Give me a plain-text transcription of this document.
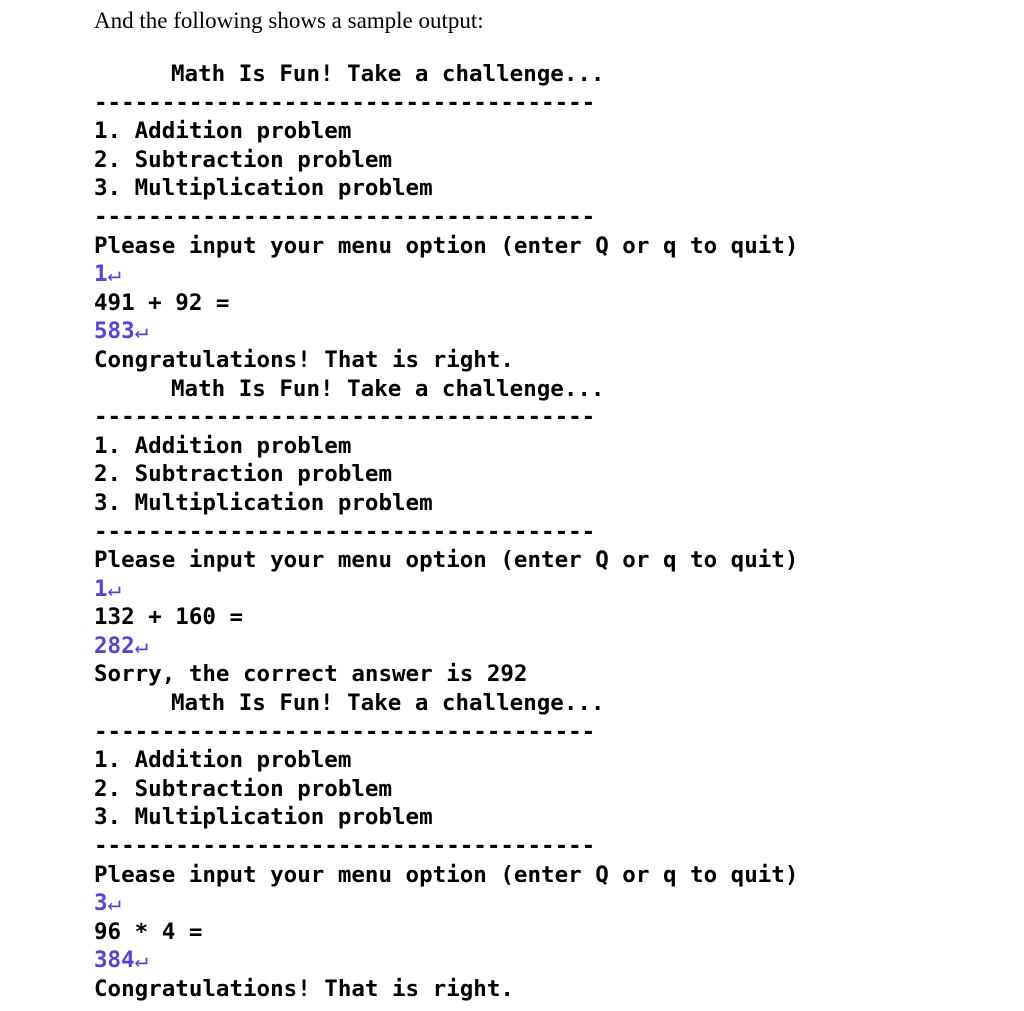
And the following shows a sample output:
Math Is Fun! Take a challenge...
-------------------------------------
1. Addition problem
2. Subtraction problem
3. Multiplication problem
-------------------------------------
Please input your menu option (enter Q or q to quit)
1↵
491 + 92 =
583↵
Congratulations! That is right.
Math Is Fun! Take a challenge...
-------------------------------------
1. Addition problem
2. Subtraction problem
3. Multiplication problem
-------------------------------------
Please input your menu option (enter Q or q to quit)
1↵
132 + 160 =
282↵
Sorry, the correct answer is 292
Math Is Fun! Take a challenge...
-------------------------------------
1. Addition problem
2. Subtraction problem
3. Multiplication problem
-------------------------------------
Please input your menu option (enter Q or q to quit)
3↵
96 * 4 =
384↵
Congratulations! That is right.
